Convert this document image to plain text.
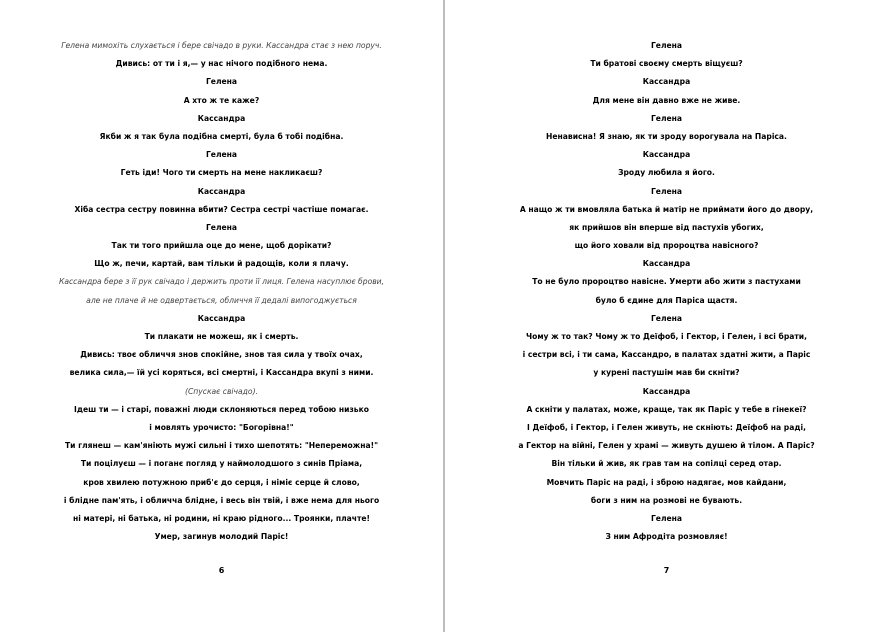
Гелена мимохіть слухається і бере свічадо в руки. Кассандра стає з нею поруч.
Дивись: от ти і я,— у нас нічого подібного нема.
Гелена
А хто ж те каже?
Кассандра
Якби ж я так була подібна смерті, була б тобі подібна.
Гелена
Геть іди! Чого ти смерть на мене накликаєш?
Кассандра
Хіба сестра сестру повинна вбити? Сестра сестрі частіше помагає.
Гелена
Так ти того прийшла оце до мене, щоб дорікати?
Що ж, печи, картай, вам тільки й радощів, коли я плачу.
Кассандра бере з її рук свічадо і держить проти її лиця. Гелена насуплює брови,
але не плаче й не одвертається, обличчя її дедалі випогоджується
Кассандра
Ти плакати не можеш, як і смерть.
Дивись: твоє обличчя знов спокійне, знов тая сила у твоїх очах,
велика сила,— їй усі коряться, всі смертні, і Кассандра вкупі з ними.
(Спускає свічадо).
Ідеш ти — і старі, поважні люди склоняються перед тобою низько
і мовлять урочисто: "Богорівна!"
Ти глянеш — кам'яніють мужі сильні і тихо шепотять: "Непереможна!"
Ти поцілуєш — і поганє погляд у наймолодшого з синів Пріама,
кров хвилею потужною приб'є до серця, і німіє серце й слово,
і блідне пам'ять, і обличча блідне, і весь він твій, і вже нема для нього
ні матері, ні батька, ні родини, ні краю рідного... Троянки, плачте!
Умер, загинув молодий Паріс!
6
Гелена
Ти братові своєму смерть віщуєш?
Кассандра
Для мене він давно вже не живе.
Гелена
Ненависна! Я знаю, як ти зроду ворогувала на Паріса.
Кассандра
Зроду любила я його.
Гелена
А нащо ж ти вмовляла батька й матір не приймати його до двору,
як прийшов він вперше від пастухів убогих,
що його ховали від пророцтва навісного?
Кассандра
То не було пророцтво навісне. Умерти або жити з пастухами
було б єдине для Паріса щастя.
Гелена
Чому ж то так? Чому ж то Деїфоб, і Гектор, і Гелен, і всі брати,
і сестри всі, і ти сама, Кассандро, в палатах здатні жити, а Паріс
у курені пастушім мав би скніти?
Кассандра
А скніти у палатах, може, краще, так як Паріс у тебе в гінекеї?
І Деїфоб, і Гектор, і Гелен живуть, не скніють: Деїфоб на раді,
а Гектор на війні, Гелен у храмі — живуть душею й тілом. А Паріс?
Він тільки й жив, як грав там на сопілці серед отар.
Мовчить Паріс на раді, і зброю надягає, мов кайдани,
боги з ним на розмові не бувають.
Гелена
З ним Афродіта розмовляє!
7
